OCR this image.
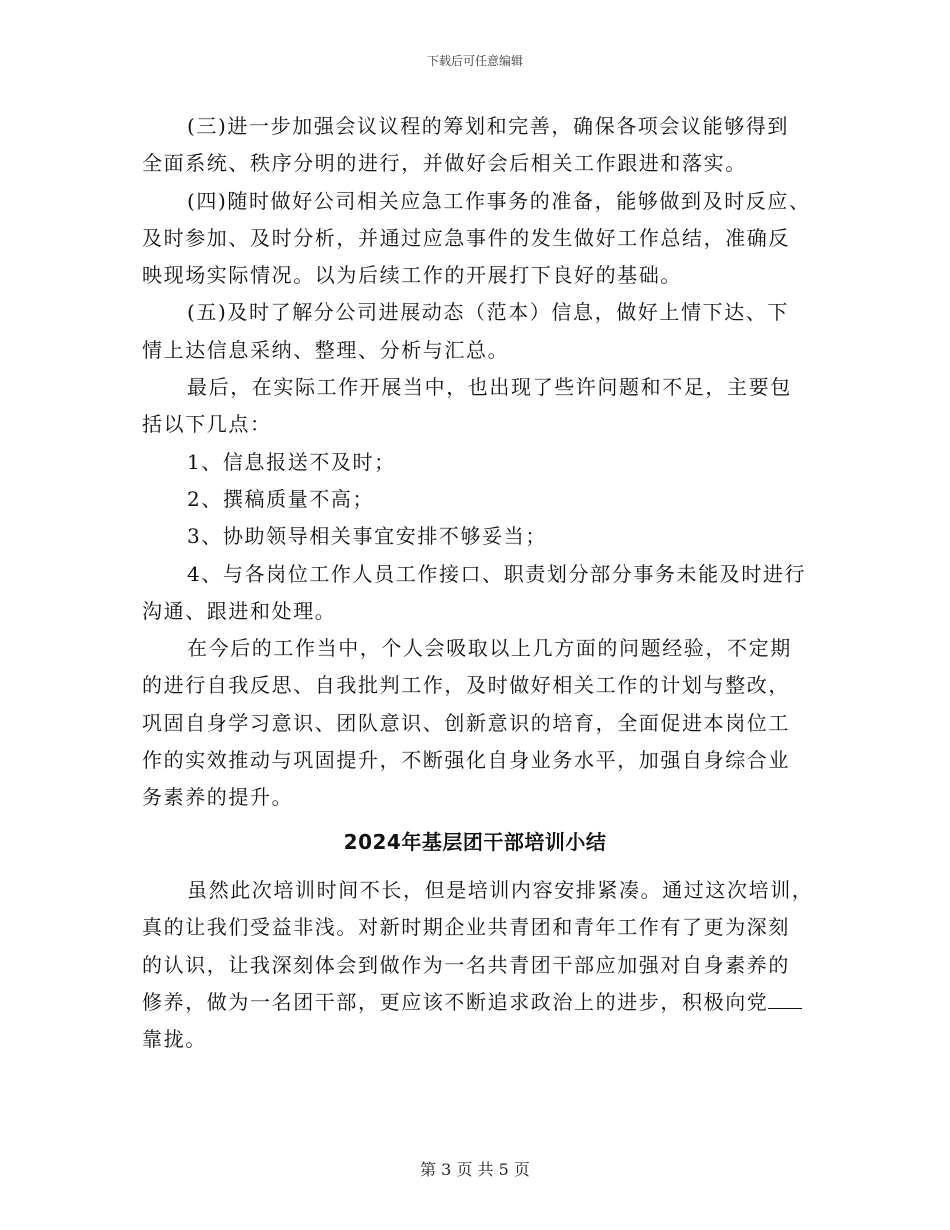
下载后可任意编辑
(三)进一步加强会议议程的筹划和完善，确保各项会议能够得到
全面系统、秩序分明的进行，并做好会后相关工作跟进和落实。
(四)随时做好公司相关应急工作事务的准备，能够做到及时反应、
及时参加、及时分析，并通过应急事件的发生做好工作总结，准确反
映现场实际情况。以为后续工作的开展打下良好的基础。
(五)及时了解分公司进展动态（范本）信息，做好上情下达、下
情上达信息采纳、整理、分析与汇总。
最后，在实际工作开展当中，也出现了些许问题和不足，主要包
括以下几点：
1、信息报送不及时；
2、撰稿质量不高；
3、协助领导相关事宜安排不够妥当；
4、与各岗位工作人员工作接口、职责划分部分事务未能及时进行
沟通、跟进和处理。
在今后的工作当中，个人会吸取以上几方面的问题经验，不定期
的进行自我反思、自我批判工作，及时做好相关工作的计划与整改，
巩固自身学习意识、团队意识、创新意识的培育，全面促进本岗位工
作的实效推动与巩固提升，不断强化自身业务水平，加强自身综合业
务素养的提升。
2024年基层团干部培训小结
虽然此次培训时间不长，但是培训内容安排紧凑。通过这次培训，
真的让我们受益非浅。对新时期企业共青团和青年工作有了更为深刻
的认识，让我深刻体会到做作为一名共青团干部应加强对自身素养的
修养，做为一名团干部，更应该不断追求政治上的进步，积极向党
靠拢。
第 3 页 共 5 页
